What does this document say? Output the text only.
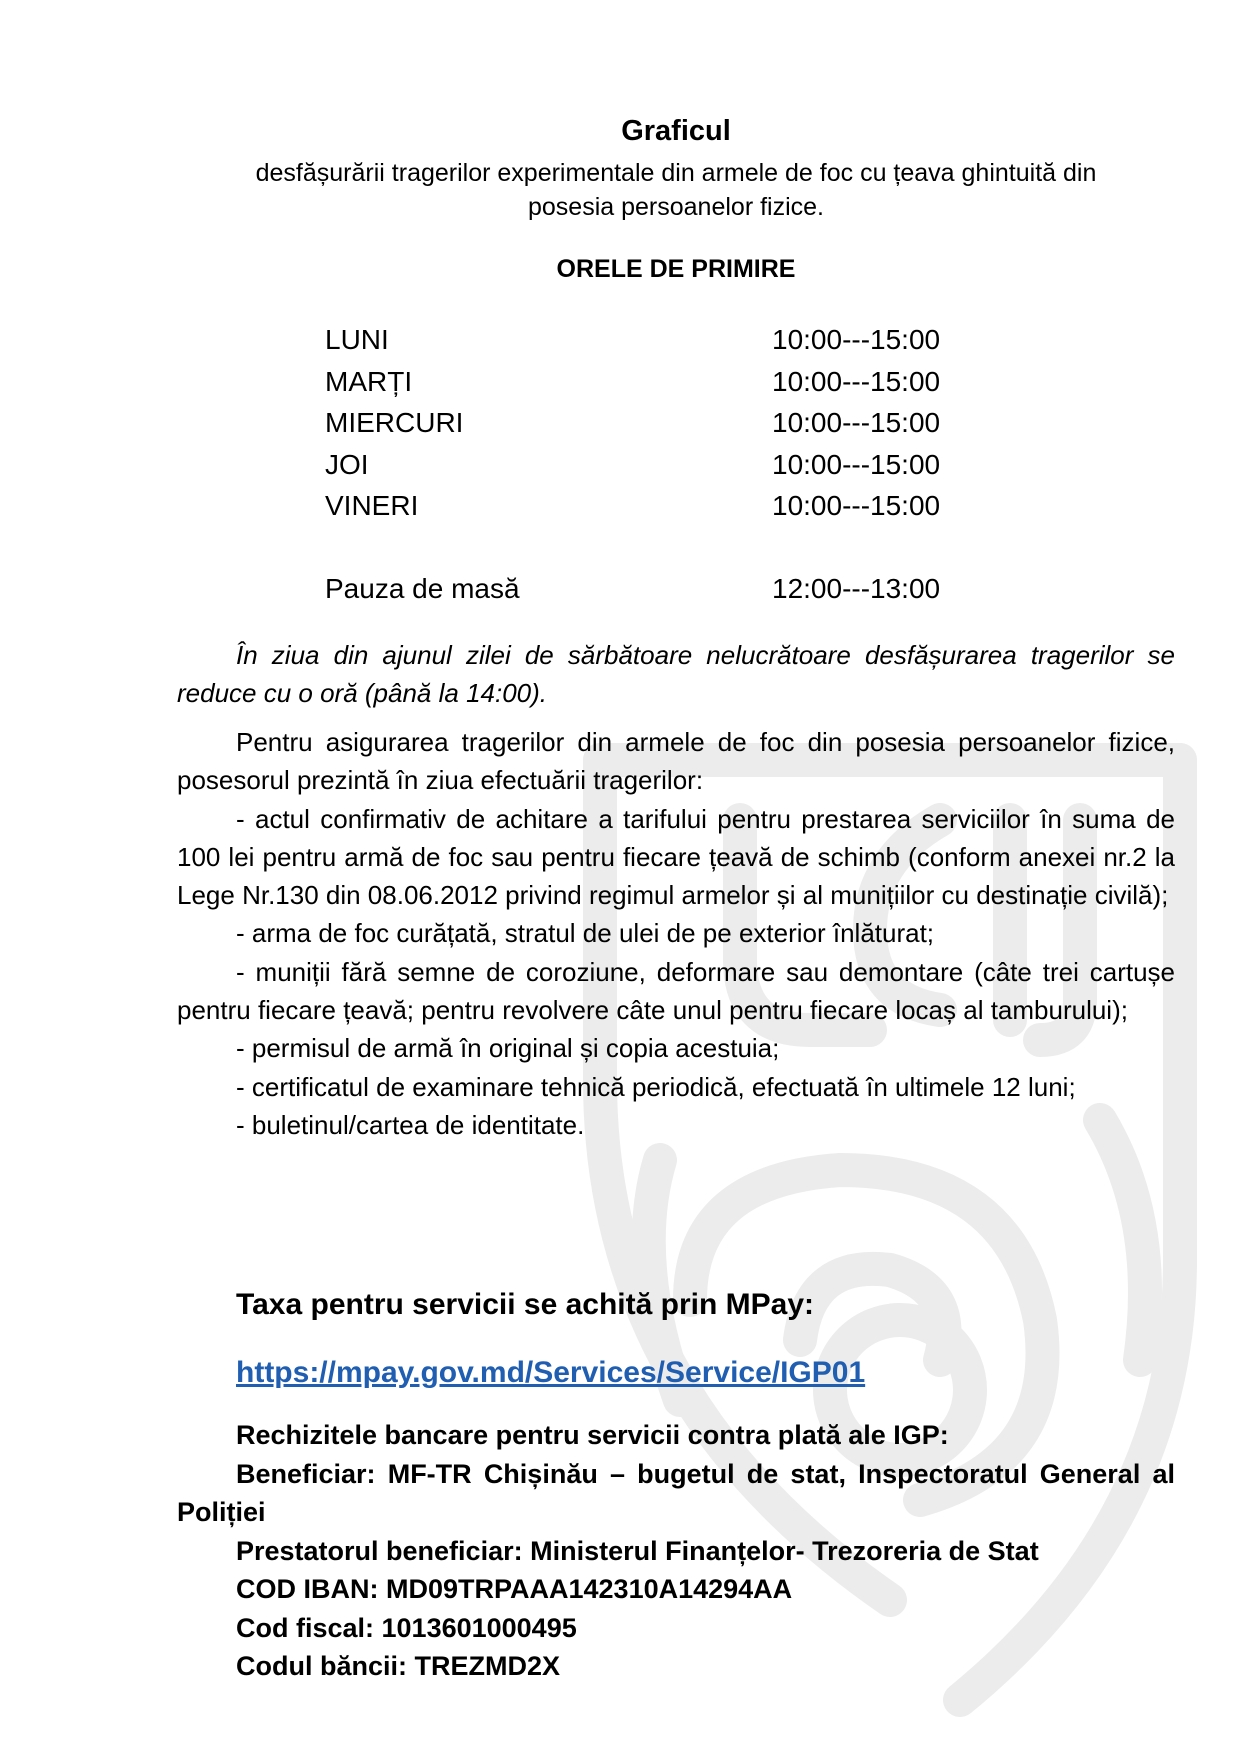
Graficul
desfășurării tragerilor experimentale din armele de foc cu țeava ghintuită din
posesia persoanelor fizice.
ORELE DE PRIMIRE
LUNI	10:00---15:00
MARȚI	10:00---15:00
MIERCURI	10:00---15:00
JOI	10:00---15:00
VINERI	10:00---15:00
Pauza de masă	12:00---13:00

În ziua din ajunul zilei de sărbătoare nelucrătoare desfășurarea tragerilor se reduce cu o oră (până la 14:00).

Pentru asigurarea tragerilor din armele de foc din posesia persoanelor fizice, posesorul prezintă în ziua efectuării tragerilor:

- actul confirmativ de achitare a tarifului pentru prestarea serviciilor în suma de 100 lei pentru armă de foc sau pentru fiecare țeavă de schimb (conform anexei nr.2 la Lege Nr.130 din 08.06.2012 privind regimul armelor și al munițiilor cu destinație civilă);

- arma de foc curățată, stratul de ulei de pe exterior înlăturat;

- muniții fără semne de coroziune, deformare sau demontare (câte trei cartușe pentru fiecare țeavă; pentru revolvere câte unul pentru fiecare locaș al tamburului);

- permisul de armă în original și copia acestuia;

- certificatul de examinare tehnică periodică, efectuată în ultimele 12 luni;

- buletinul/cartea de identitate.

Taxa pentru servicii se achită prin MPay:
https://mpay.gov.md/Services/Service/IGP01

Rechizitele bancare pentru servicii contra plată ale IGP:

Beneficiar: MF-TR Chișinău – bugetul de stat, Inspectoratul General al Poliției

Prestatorul beneficiar: Ministerul Finanțelor- Trezoreria de Stat

COD IBAN: MD09TRPAAA142310A14294AA

Cod fiscal: 1013601000495

Codul băncii: TREZMD2X
